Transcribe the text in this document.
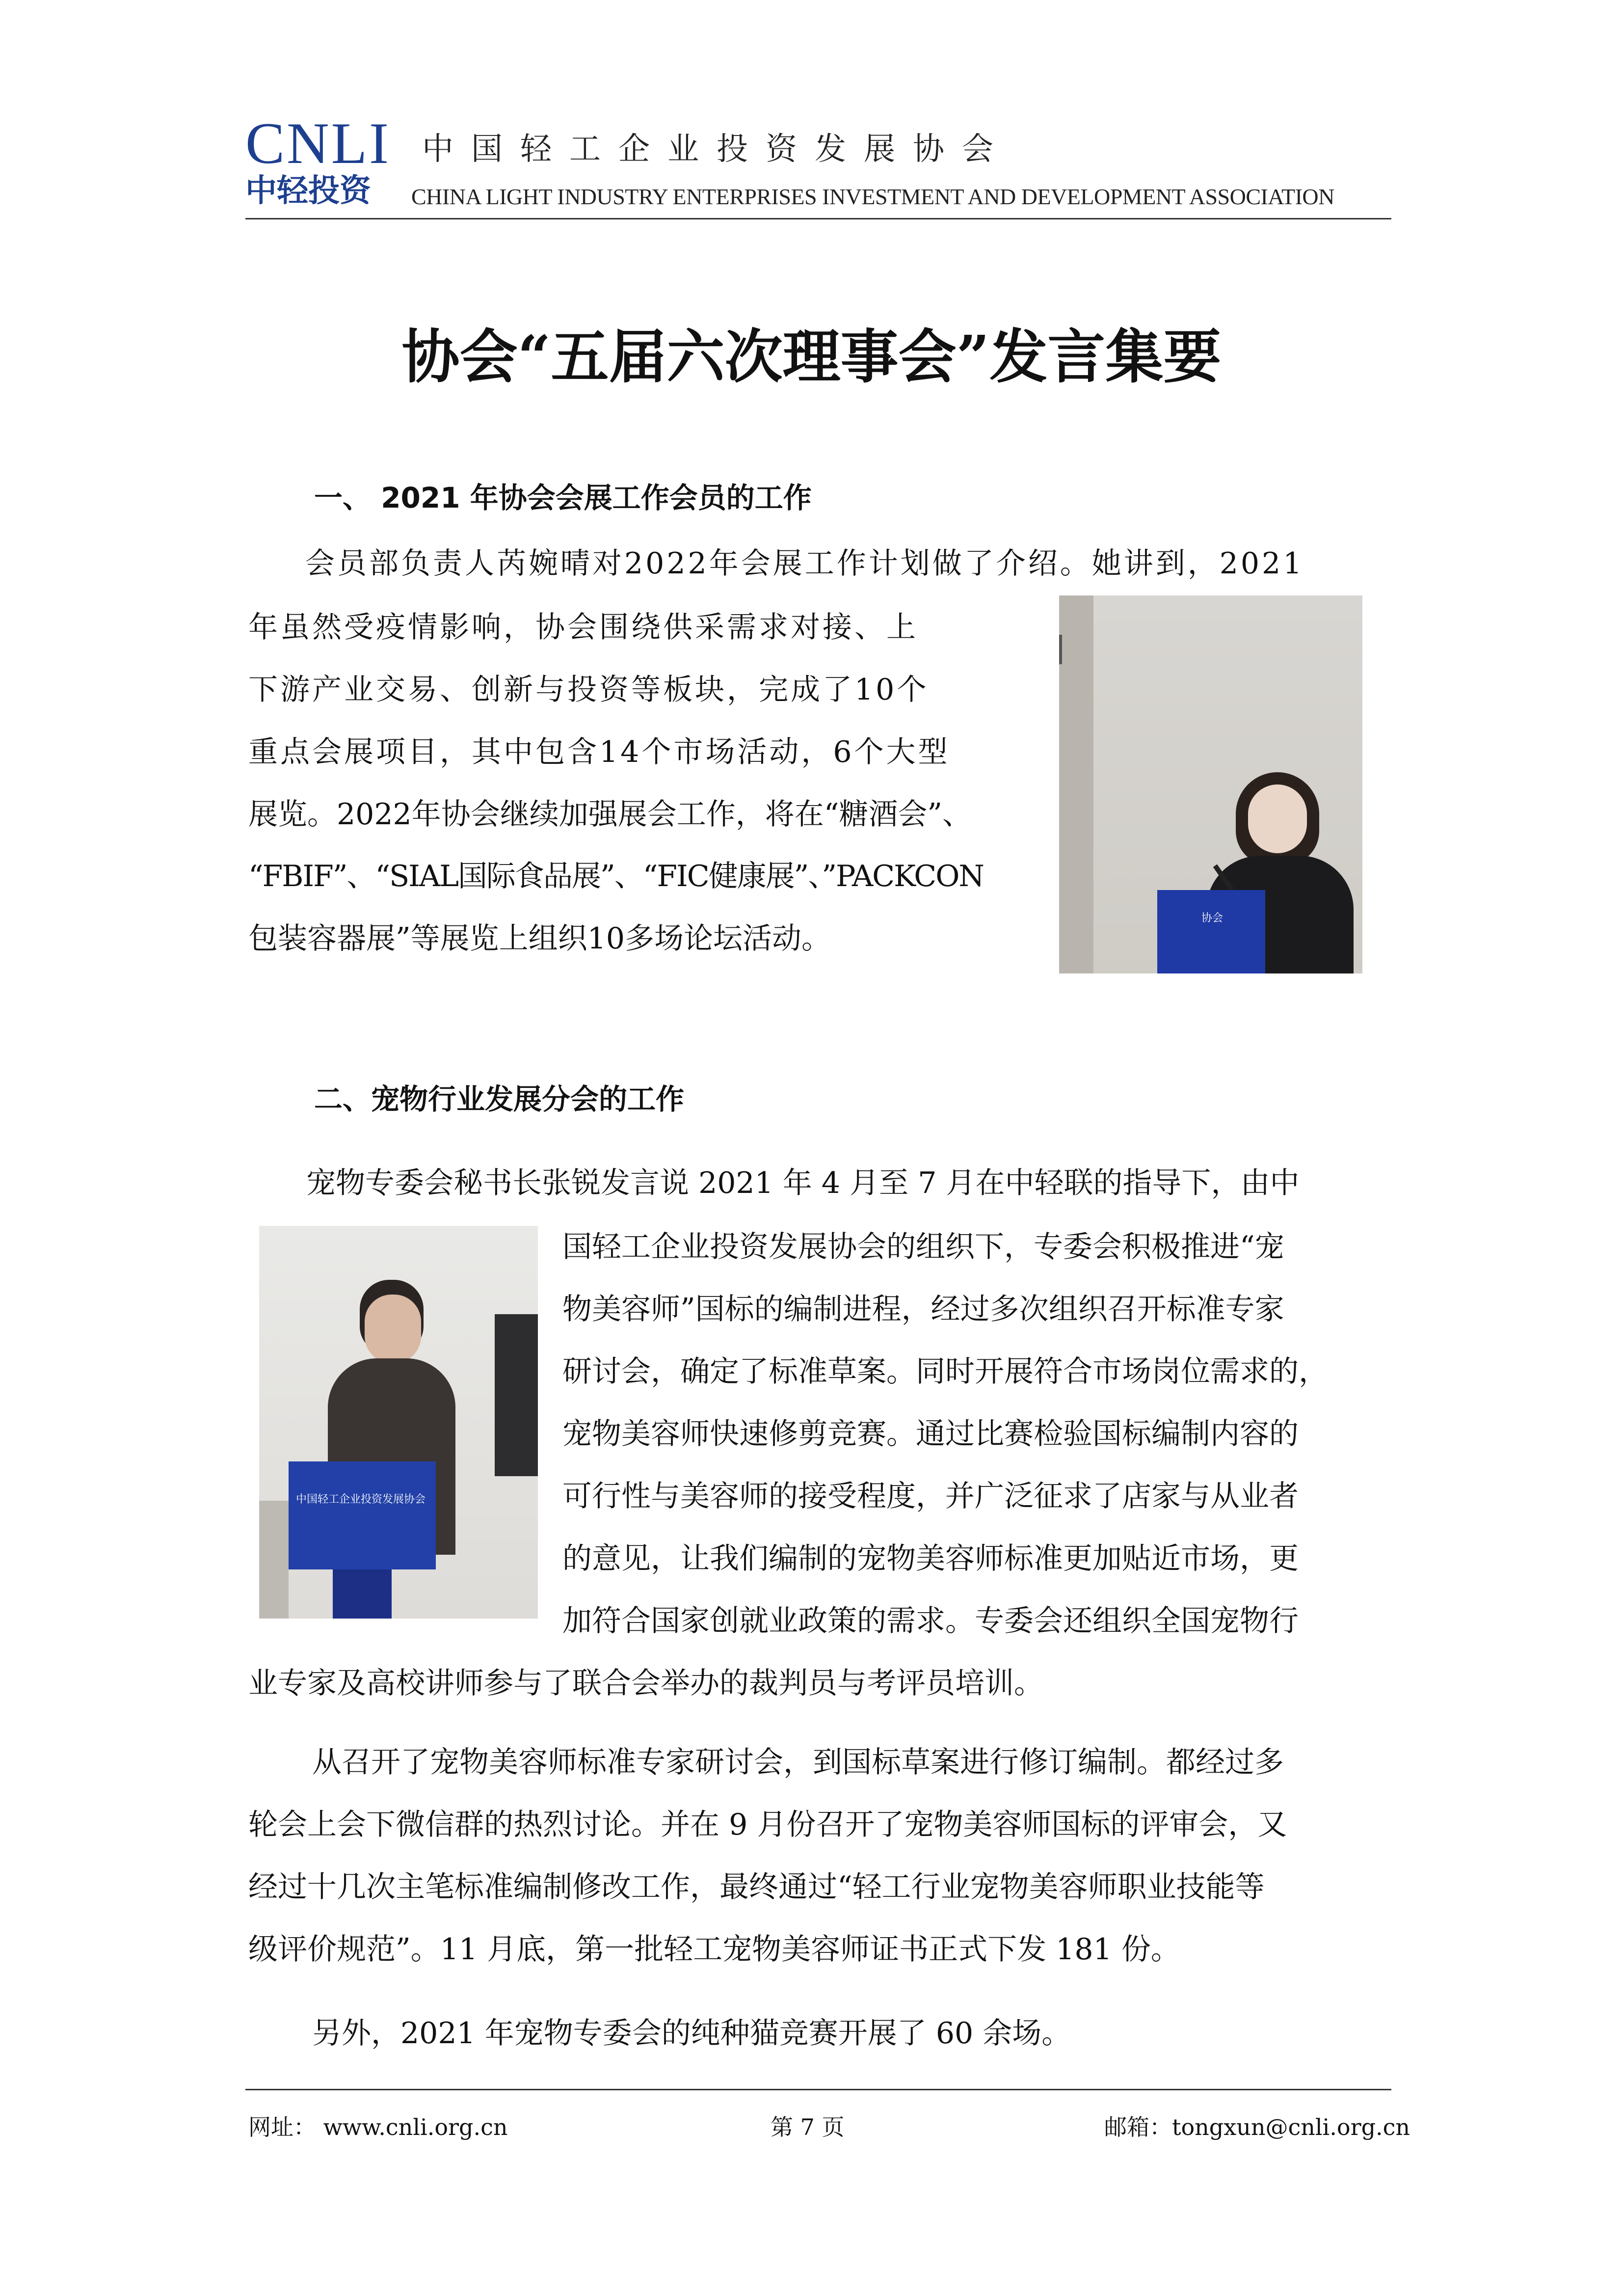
CNLI
中轻投资
中国轻工企业投资发展协会
CHINA LIGHT INDUSTRY ENTERPRISES INVESTMENT AND DEVELOPMENT ASSOCIATION
协会“五届六次理事会”发言集要
一、 2021 年协会会展工作会员的工作
会员部负责人芮婉晴对2022年会展工作计划做了介绍。她讲到，2021
年虽然受疫情影响，协会围绕供采需求对接、上
下游产业交易、创新与投资等板块，完成了10个
重点会展项目，其中包含14个市场活动，6个大型
展览。2022年协会继续加强展会工作，将在“糖酒会”、
“FBIF”、“SIAL国际食品展”、“FIC健康展”、”PACKCON
包装容器展”等展览上组织10多场论坛活动。
协会
二、宠物行业发展分会的工作
宠物专委会秘书长张锐发言说 2021 年 4 月至 7 月在中轻联的指导下，由中
国轻工企业投资发展协会的组织下，专委会积极推进“宠
物美容师”国标的编制进程，经过多次组织召开标准专家
研讨会，确定了标准草案。同时开展符合市场岗位需求的，
宠物美容师快速修剪竞赛。通过比赛检验国标编制内容的
可行性与美容师的接受程度，并广泛征求了店家与从业者
的意见，让我们编制的宠物美容师标准更加贴近市场，更
加符合国家创就业政策的需求。专委会还组织全国宠物行
业专家及高校讲师参与了联合会举办的裁判员与考评员培训。
中国轻工企业投资发展协会
从召开了宠物美容师标准专家研讨会，到国标草案进行修订编制。都经过多
轮会上会下微信群的热烈讨论。并在 9 月份召开了宠物美容师国标的评审会，又
经过十几次主笔标准编制修改工作，最终通过“轻工行业宠物美容师职业技能等
级评价规范”。11 月底，第一批轻工宠物美容师证书正式下发 181 份。
另外，2021 年宠物专委会的纯种猫竞赛开展了 60 余场。
网址： www.cnli.org.cn	第 7 页	邮箱：tongxun@cnli.org.cn
